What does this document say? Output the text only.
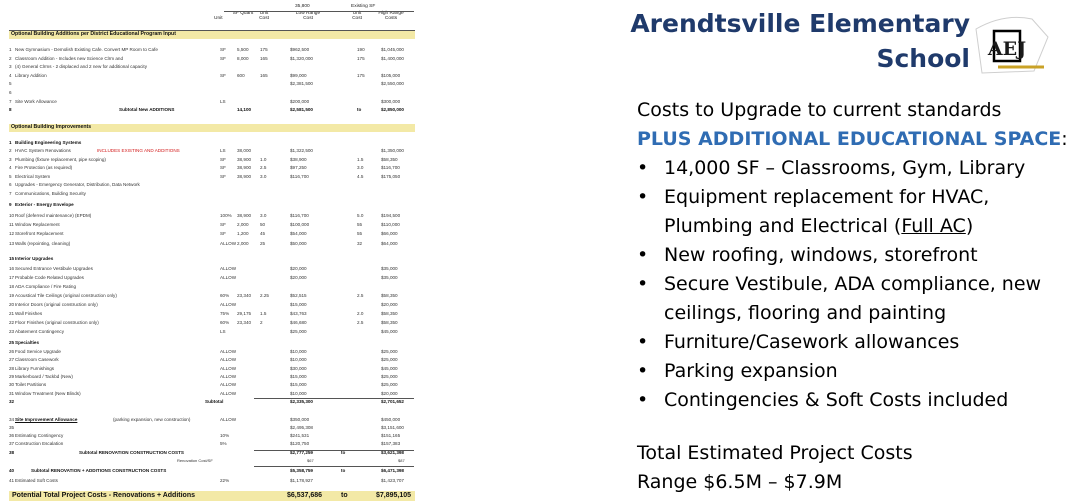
35,800	Existing SF
Unit
SF Quant	Unit Cost
Low Range Cost
Unit Cost
High Range Costs
Optional Building Additions per District Educational Program Input
1 New Gymnasium - Demolish Existing Cafe. Convert MP Room to Cafe	SF 5,500	175	$962,500	190	$1,045,000
2 Classroom Addition - Includes new Science Clrm and	SF 8,000	165	$1,320,000	175	$1,400,000
3 (4) General Clrms - 2 displaced and 2 new for additional capacity
4 Library Addition	SF 600	165	$99,000	175	$105,000
5	$2,381,500	$2,550,000
6
7 Site Work Allowance	LS	$200,000	$300,000
8	Subtotal New ADDITIONS	14,100	$2,581,500	to	$2,850,000
Optional Building Improvements
1 Building Engineering Systems
2 HVAC System Renovations	LS 38,000	$1,322,500	$1,350,000
INCLUDES EXISTING AND ADDITIONS
3 Plumbing (fixture replacement, pipe scoping)	SF 38,900 1.0	$38,900	1.5	$58,350
4 Fire Protection (as required)	SF 38,900 2.5	$97,250	3.0	$116,700
5 Electrical System	SF 38,900 3.0	$116,700	4.5	$175,050
6 Upgrades - Emergency Generator, Distribution, Data Network
7 Communications, Building Security
9 Exterior - Energy Envelope
10 Roof (deferred maintenance) (EPDM)	100% 38,900 3.0	$116,700	5.0	$194,500
11 Window Replacement	SF 2,000	50	$100,000	55	$110,000
12 Storefront Replacement	SF 1,200	45	$54,000	55	$66,000
13 Walls (repointing, cleaning)	ALLOW 2,000	25	$50,000	32	$64,000
15 Interior Upgrades
16 Secured Entrance Vestibule Upgrades	ALLOW	$20,000	$35,000
17 Probable Code Related Upgrades	ALLOW	$20,000	$35,000
18 ADA Compliance / Fire Rating
19 Acoustical Tile Ceilings (original construction only)	60% 23,340 2.25	$52,515	2.5	$58,350
20 Interior Doors (original construction only)	ALLOW	$15,000	$20,000
21 Wall Finishes	75% 29,175 1.5	$43,763	2.0	$58,350
22 Floor Finishes (original construction only)	60% 23,340 2	$46,680	2.5	$58,350
23 Abatement Contingency	LS	$25,000	$45,000
25 Specialties
26 Food Service Upgrade	ALLOW	$10,000	$25,000
27 Classroom Casework	ALLOW	$10,000	$25,000
28 Library Furnishings	ALLOW	$30,000	$45,000
29 Markerboard / Tackbd (New)	ALLOW	$15,000	$25,000
30 Toilet Partitions	ALLOW	$15,000	$25,000
31 Window Treatment (New Blinds)	ALLOW	$10,000	$20,000
32	Subtotal	$2,335,300	$2,701,652
34 Site Improvement Allowance	(parking expansion, new construction)	ALLOW	$350,000	$450,000
35	$2,495,308	$3,151,600
36 Estimating Contingency	10%	$241,531	$151,165
37 Construction Escalation	5%	$120,750	$157,383
38	Subtotal RENOVATION CONSTRUCTION COSTS	$2,777,259	to	$3,621,398
Renovation Cost/SF	$67	$87
40	Subtotal RENOVATION + ADDITIONS CONSTRUCTION COSTS	$5,358,759	to	$6,471,398
41 Estimated Soft Costs	22%	$1,178,927	$1,423,707
Potential Total Project Costs - Renovations + Additions	$6,537,686	to	$7,895,105
Arendtsville Elementary
School AEJ
Costs to Upgrade to current standards
PLUS ADDITIONAL EDUCATIONAL SPACE:
• 14,000 SF – Classrooms, Gym, Library
• Equipment replacement for HVAC,
Plumbing and Electrical (Full AC)
• New roofing, windows, storefront
• Secure Vestibule, ADA compliance, new
ceilings, flooring and painting
• Furniture/Casework allowances
• Parking expansion
• Contingencies & Soft Costs included
Total Estimated Project Costs
Range $6.5M – $7.9M
